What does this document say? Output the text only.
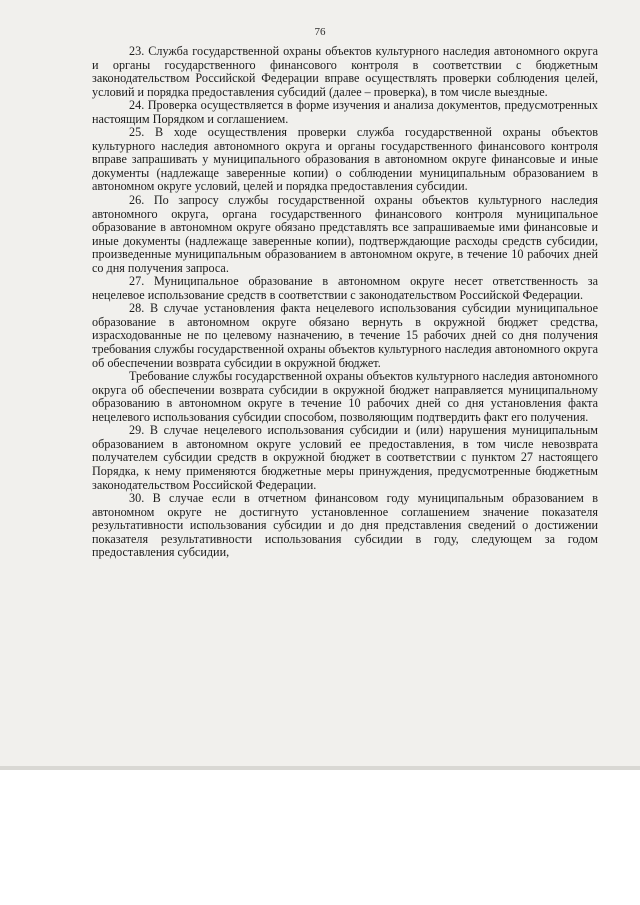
76

23. Служба государственной охраны объектов культурного наследия автономного округа и органы государственного финансового контроля в соответствии с бюджетным законодательством Российской Федерации вправе осуществлять проверки соблюдения целей, условий и порядка предоставления субсидий (далее – проверка), в том числе выездные.

24. Проверка осуществляется в форме изучения и анализа документов, предусмотренных настоящим Порядком и соглашением.

25. В ходе осуществления проверки служба государственной охраны объектов культурного наследия автономного округа и органы государственного финансового контроля вправе запрашивать у муниципального образования в автономном округе финансовые и иные документы (надлежаще заверенные копии) о соблюдении муниципальным образованием в автономном округе условий, целей и порядка предоставления субсидии.

26. По запросу службы государственной охраны объектов культурного наследия автономного округа, органа государственного финансового контроля муниципальное образование в автономном округе обязано представлять все запрашиваемые ими финансовые и иные документы (надлежаще заверенные копии), подтверждающие расходы средств субсидии, произведенные муниципальным образованием в автономном округе, в течение 10 рабочих дней со дня получения запроса.

27. Муниципальное образование в автономном округе несет ответственность за нецелевое использование средств в соответствии с законодательством Российской Федерации.

28. В случае установления факта нецелевого использования субсидии муниципальное образование в автономном округе обязано вернуть в окружной бюджет средства, израсходованные не по целевому назначению, в течение 15 рабочих дней со дня получения требования службы государственной охраны объектов культурного наследия автономного округа об обеспечении возврата субсидии в окружной бюджет.

Требование службы государственной охраны объектов культурного наследия автономного округа об обеспечении возврата субсидии в окружной бюджет направляется муниципальному образованию в автономном округе в течение 10 рабочих дней со дня установления факта нецелевого использования субсидии способом, позволяющим подтвердить факт его получения.

29. В случае нецелевого использования субсидии и (или) нарушения муниципальным образованием в автономном округе условий ее предоставления, в том числе невозврата получателем субсидии средств в окружной бюджет в соответствии с пунктом 27 настоящего Порядка, к нему применяются бюджетные меры принуждения, предусмотренные бюджетным законодательством Российской Федерации.

30. В случае если в отчетном финансовом году муниципальным образованием в автономном округе не достигнуто установленное соглашением значение показателя результативности использования субсидии и до дня представления сведений о достижении показателя результативности использования субсидии в году, следующем за годом предоставления субсидии,
